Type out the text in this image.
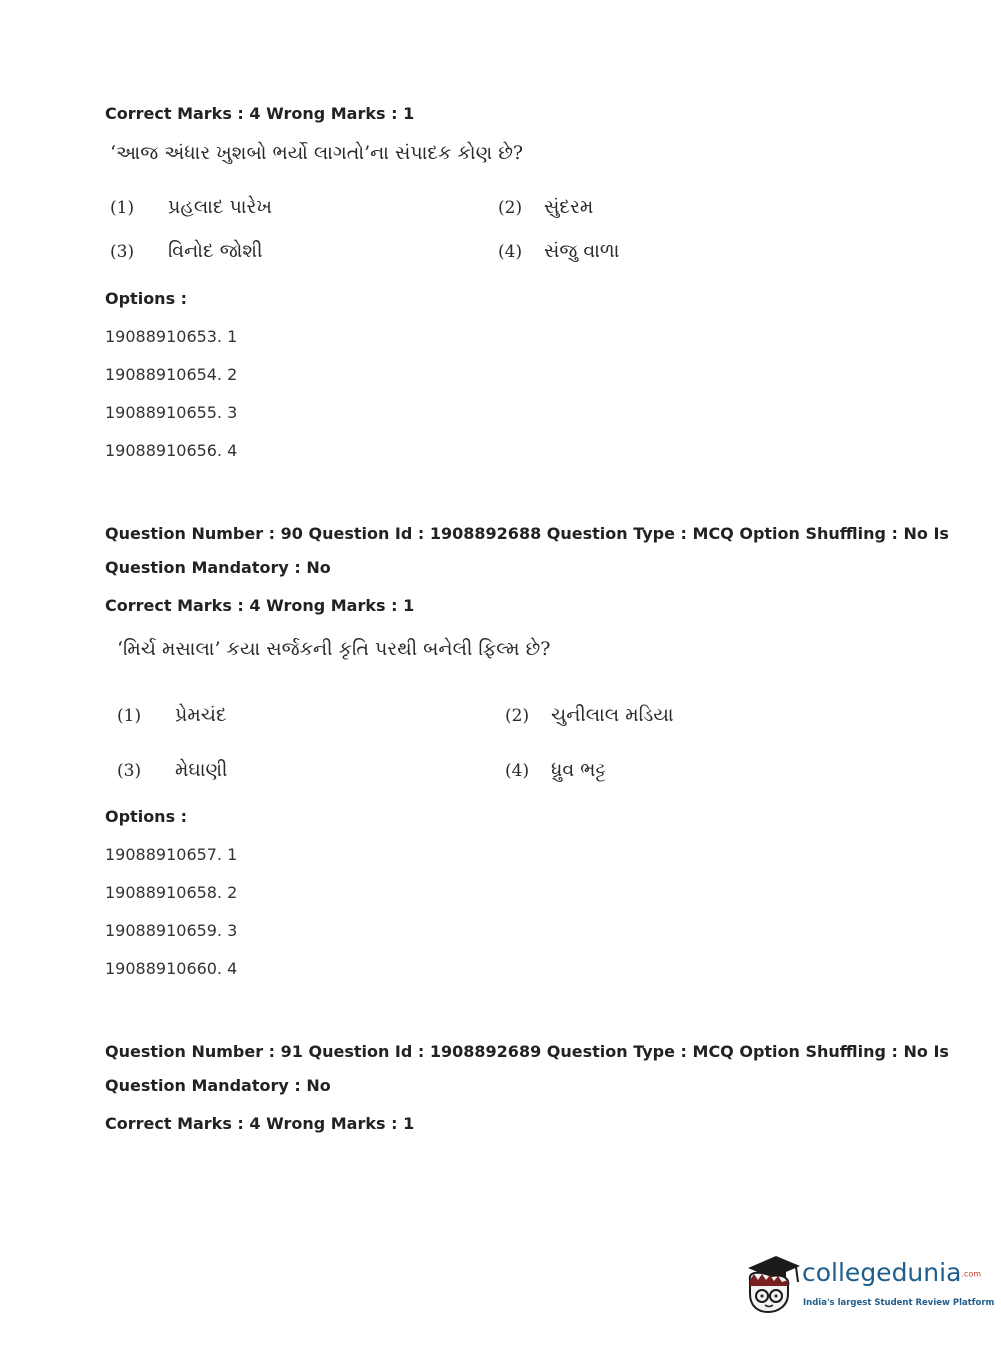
Correct Marks : 4 Wrong Marks : 1
‘આજ અંધાર ખુશબો ભર્યો લાગતો’ના સંપાદક કોણ છે?
(1) પ્રહલાદ પારેખ	(2) સુંદરમ
(3) વિનોદ જોશી	(4) સંજુ વાળા
Options :
19088910653. 1
19088910654. 2
19088910655. 3
19088910656. 4
Question Number : 90 Question Id : 1908892688 Question Type : MCQ Option Shuffling : No Is
Question Mandatory : No
Correct Marks : 4 Wrong Marks : 1
‘મિર્ચ મસાલા’ કયા સર્જકની કૃતિ પરથી બનેલી ફિલ્મ છે?
(1) પ્રેમચંદ	(2) ચુનીલાલ મડિયા
(3) મેઘાણી	(4) ધ્રુવ ભટ્ટ
Options :
19088910657. 1
19088910658. 2
19088910659. 3
19088910660. 4
Question Number : 91 Question Id : 1908892689 Question Type : MCQ Option Shuffling : No Is
Question Mandatory : No
Correct Marks : 4 Wrong Marks : 1
collegedunia.com
India's largest Student Review Platform
